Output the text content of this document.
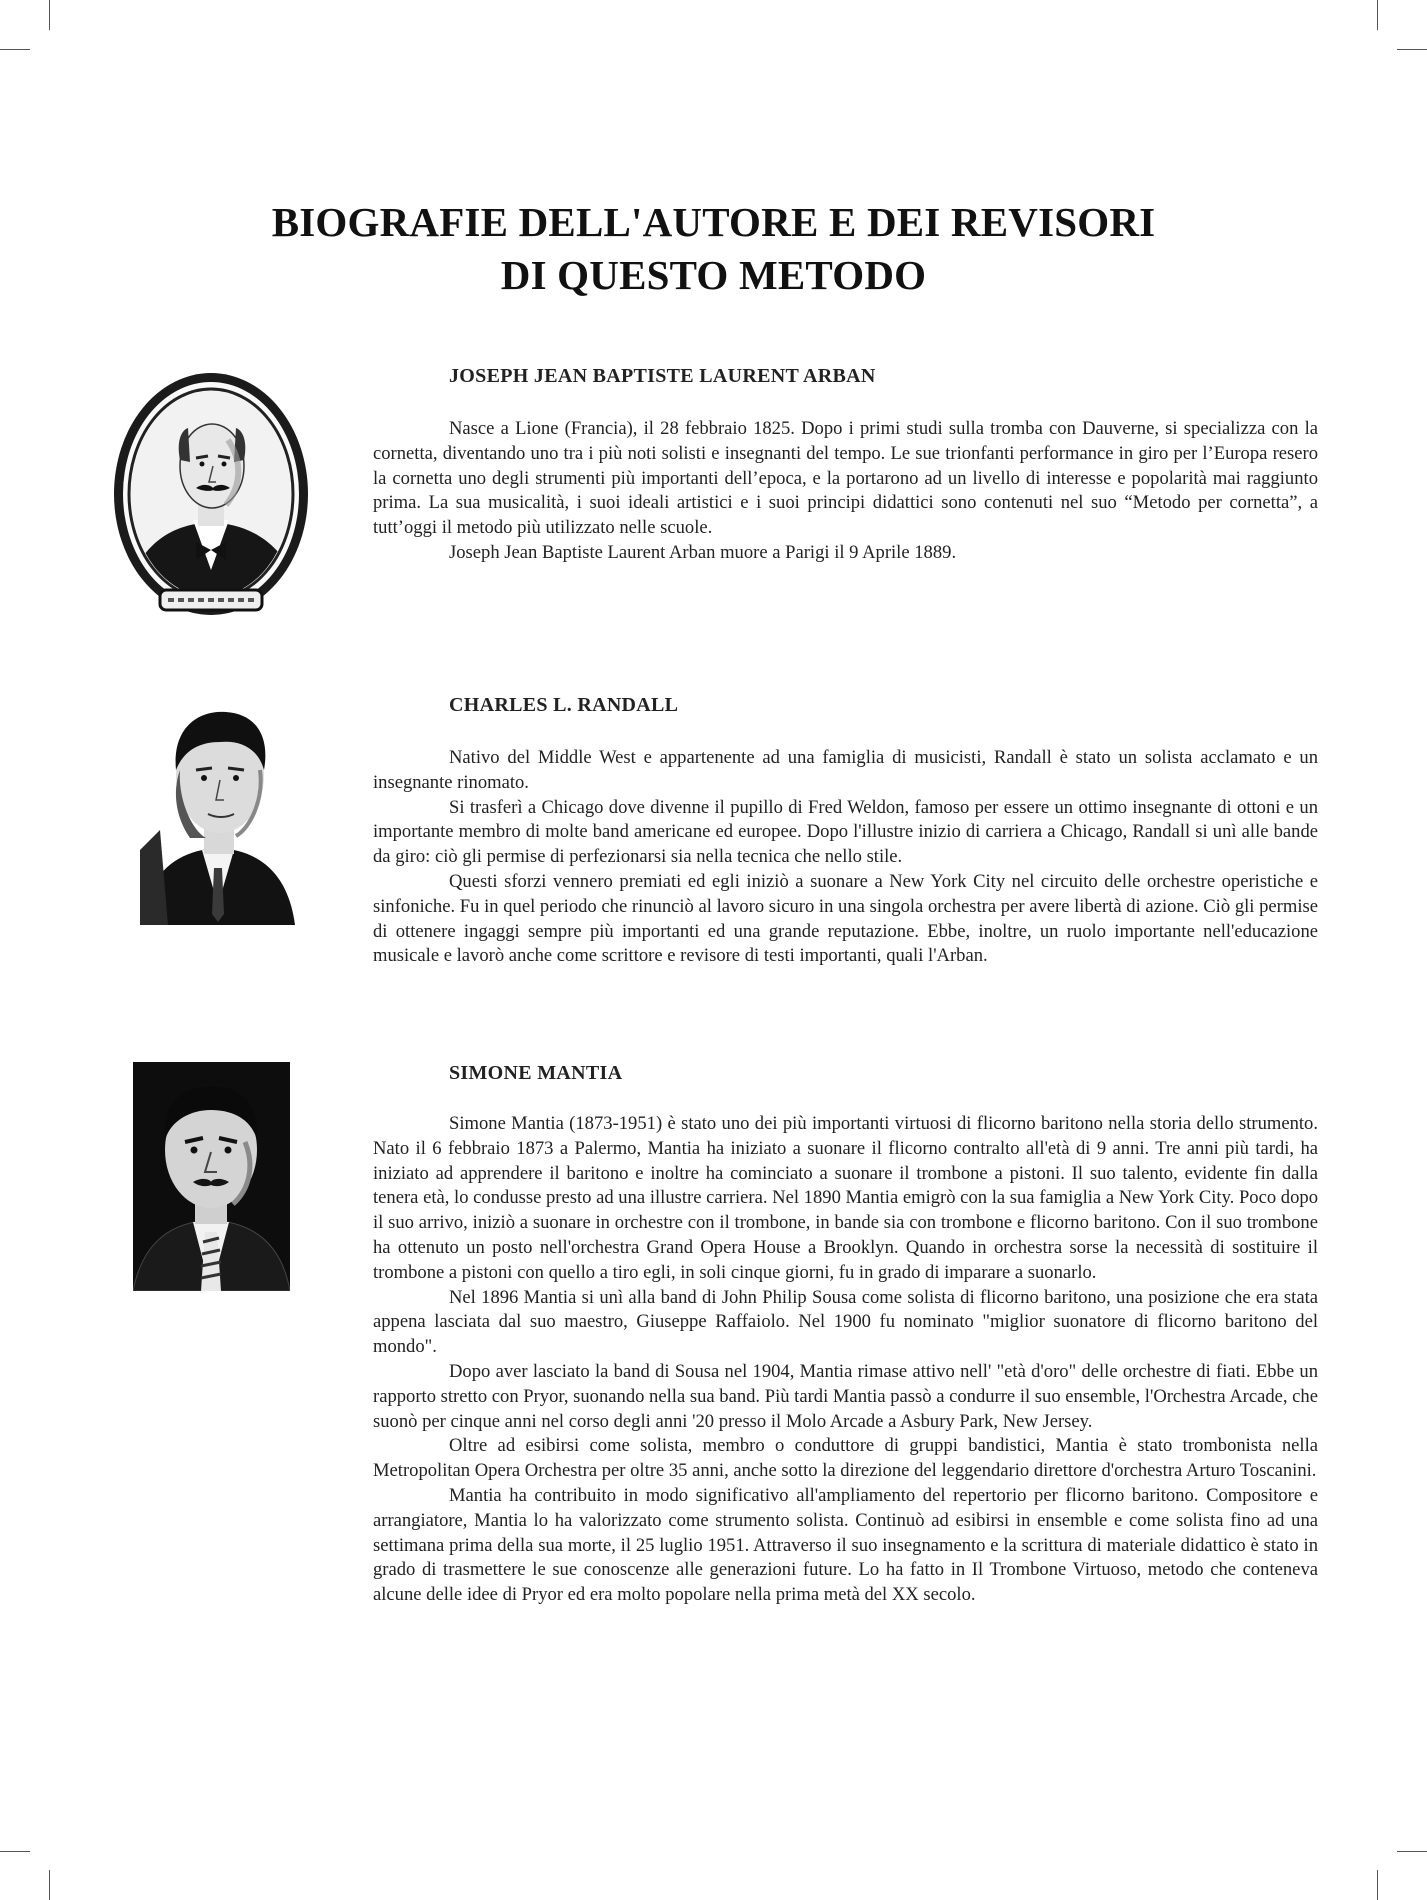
BIOGRAFIE DELL'AUTORE E DEI REVISORI
DI QUESTO METODO
JOSEPH JEAN BAPTISTE LAURENT ARBAN

Nasce a Lione (Francia), il 28 febbraio 1825. Dopo i primi studi sulla tromba con Dauverne, si specializza con la cornetta, diventando uno tra i più noti solisti e insegnanti del tempo. Le sue trionfanti performance in giro per l’Europa resero la cornetta uno degli strumenti più importanti dell’epoca, e la portarono ad un livello di interesse e popolarità mai raggiunto prima. La sua musicalità, i suoi ideali artistici e i suoi principi didattici sono contenuti nel suo “Metodo per cornetta”, a tutt’oggi il metodo più utilizzato nelle scuole.

Joseph Jean Baptiste Laurent Arban muore a Parigi il 9 Aprile 1889.

CHARLES L. RANDALL

Nativo del Middle West e appartenente ad una famiglia di musicisti, Randall è stato un solista acclamato e un insegnante rinomato.

Si trasferì a Chicago dove divenne il pupillo di Fred Weldon, famoso per essere un ottimo insegnante di ottoni e un importante membro di molte band americane ed europee. Dopo l'illustre inizio di carriera a Chicago, Randall si unì alle bande da giro: ciò gli permise di perfezionarsi sia nella tecnica che nello stile.

Questi sforzi vennero premiati ed egli iniziò a suonare a New York City nel circuito delle orchestre operistiche e sinfoniche. Fu in quel periodo che rinunciò al lavoro sicuro in una singola orchestra per avere libertà di azione. Ciò gli permise di ottenere ingaggi sempre più importanti ed una grande reputazione. Ebbe, inoltre, un ruolo importante nell'educazione musicale e lavorò anche come scrittore e revisore di testi importanti, quali l'Arban.

SIMONE MANTIA

Simone Mantia (1873-1951) è stato uno dei più importanti virtuosi di flicorno baritono nella storia dello strumento. Nato il 6 febbraio 1873 a Palermo, Mantia ha iniziato a suonare il flicorno contralto all'età di 9 anni. Tre anni più tardi, ha iniziato ad apprendere il baritono e inoltre ha cominciato a suonare il trombone a pistoni. Il suo talento, evidente fin dalla tenera età, lo condusse presto ad una illustre carriera. Nel 1890 Mantia emigrò con la sua famiglia a New York City. Poco dopo il suo arrivo, iniziò a suonare in orchestre con il trombone, in bande sia con trombone e flicorno baritono. Con il suo trombone ha ottenuto un posto nell'orchestra Grand Opera House a Brooklyn. Quando in orchestra sorse la necessità di sostituire il trombone a pistoni con quello a tiro egli, in soli cinque giorni, fu in grado di imparare a suonarlo.

Nel 1896 Mantia si unì alla band di John Philip Sousa come solista di flicorno baritono, una posizione che era stata appena lasciata dal suo maestro, Giuseppe Raffaiolo. Nel 1900 fu nominato "miglior suonatore di flicorno baritono del mondo".

Dopo aver lasciato la band di Sousa nel 1904, Mantia rimase attivo nell' "età d'oro" delle orchestre di fiati. Ebbe un rapporto stretto con Pryor, suonando nella sua band. Più tardi Mantia passò a condurre il suo ensemble, l'Orchestra Arcade, che suonò per cinque anni nel corso degli anni '20 presso il Molo Arcade a Asbury Park, New Jersey.

Oltre ad esibirsi come solista, membro o conduttore di gruppi bandistici, Mantia è stato trombonista nella Metropolitan Opera Orchestra per oltre 35 anni, anche sotto la direzione del leggendario direttore d'orchestra Arturo Toscanini.

Mantia ha contribuito in modo significativo all'ampliamento del repertorio per flicorno baritono. Compositore e arrangiatore, Mantia lo ha valorizzato come strumento solista. Continuò ad esibirsi in ensemble e come solista fino ad una settimana prima della sua morte, il 25 luglio 1951. Attraverso il suo insegnamento e la scrittura di materiale didattico è stato in grado di trasmettere le sue conoscenze alle generazioni future. Lo ha fatto in Il Trombone Virtuoso, metodo che conteneva alcune delle idee di Pryor ed era molto popolare nella prima metà del XX secolo.
